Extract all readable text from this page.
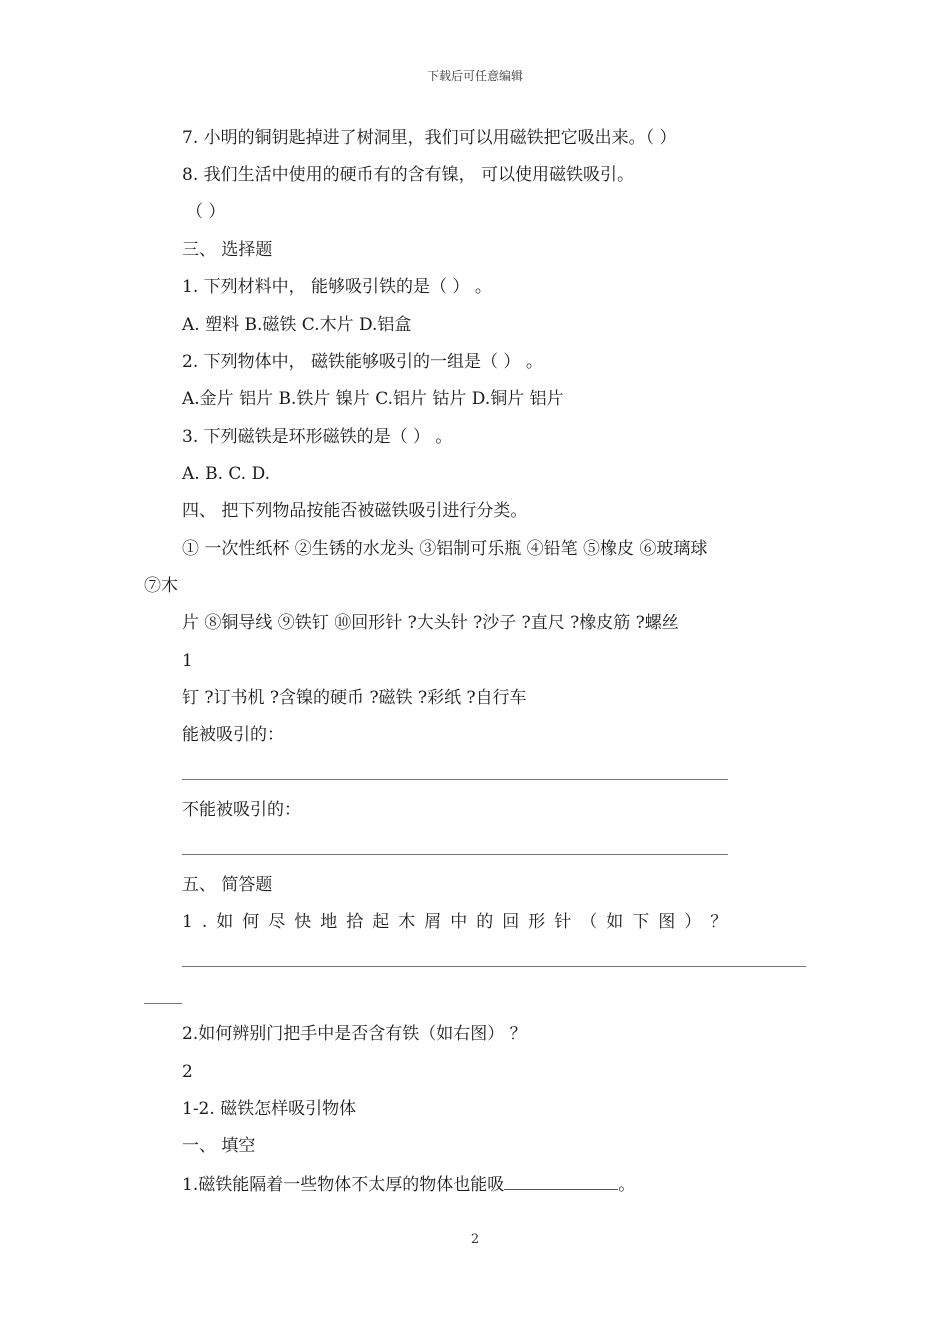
下载后可任意编辑
7. 小明的铜钥匙掉进了树洞里，我们可以用磁铁把它吸出来。（ ）
8. 我们生活中使用的硬币有的含有镍， 可以使用磁铁吸引。
（ ）
三、 选择题
1. 下列材料中， 能够吸引铁的是（ ） 。
A. 塑料 B.磁铁 C.木片 D.铝盒
2. 下列物体中， 磁铁能够吸引的一组是（ ） 。
A.金片 铝片 B.铁片 镍片 C.铝片 钴片 D.铜片 铝片
3. 下列磁铁是环形磁铁的是（ ） 。
A. B. C. D.
四、 把下列物品按能否被磁铁吸引进行分类。
① 一次性纸杯 ②生锈的水龙头 ③铝制可乐瓶 ④铅笔 ⑤橡皮 ⑥玻璃球
⑦木
片 ⑧铜导线 ⑨铁钉 ⑩回形针 ?大头针 ?沙子 ?直尺 ?橡皮筋 ?螺丝
1
钉 ?订书机 ?含镍的硬币 ?磁铁 ?彩纸 ?自行车
能被吸引的：
不能被吸引的：
五、 简答题
1.如何尽快地拾起木屑中的回形针（如下图）？
2.如何辨别门把手中是否含有铁（如右图） ？
2
1-2. 磁铁怎样吸引物体
一、 填空
1.磁铁能隔着一些物体不太厚的物体也能吸	。
2
